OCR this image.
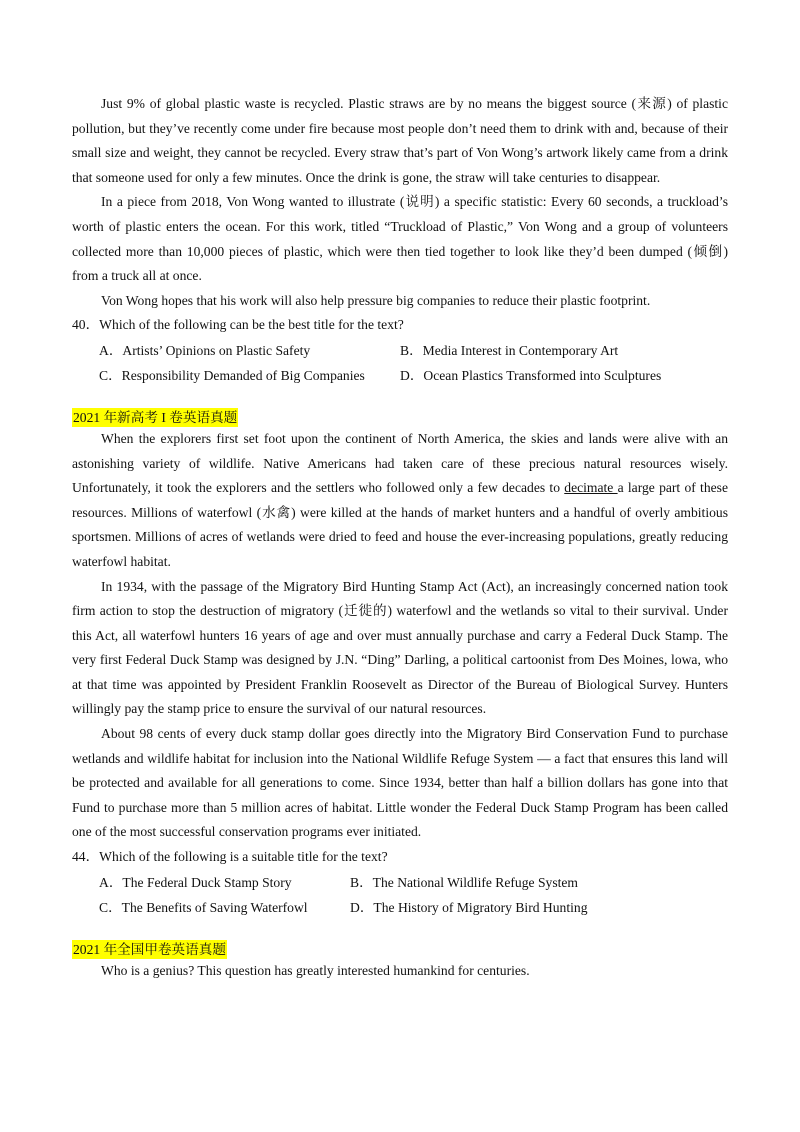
Just 9% of global plastic waste is recycled. Plastic straws are by no means the biggest source (来源) of plastic pollution, but they’ve recently come under fire because most people don’t need them to drink with and, because of their small size and weight, they cannot be recycled. Every straw that’s part of Von Wong’s artwork likely came from a drink that someone used for only a few minutes. Once the drink is gone, the straw will take centuries to disappear.

In a piece from 2018, Von Wong wanted to illustrate (说明) a specific statistic: Every 60 seconds, a truckload’s worth of plastic enters the ocean. For this work, titled “Truckload of Plastic,” Von Wong and a group of volunteers collected more than 10,000 pieces of plastic, which were then tied together to look like they’d been dumped (倾倒) from a truck all at once.

Von Wong hopes that his work will also help pressure big companies to reduce their plastic footprint.

40．Which of the following can be the best title for the text?

A．Artists’ Opinions on Plastic Safety	B．Media Interest in Contemporary Art
C．Responsibility Demanded of Big Companies	D．Ocean Plastics Transformed into Sculptures
2021 年新高考 I 卷英语真题

When the explorers first set foot upon the continent of North America, the skies and lands were alive with an astonishing variety of wildlife. Native Americans had taken care of these precious natural resources wisely. Unfortunately, it took the explorers and the settlers who followed only a few decades to decimate a large part of these resources. Millions of waterfowl (水禽) were killed at the hands of market hunters and a handful of overly ambitious sportsmen. Millions of acres of wetlands were dried to feed and house the ever-increasing populations, greatly reducing waterfowl habitat.

In 1934, with the passage of the Migratory Bird Hunting Stamp Act (Act), an increasingly concerned nation took firm action to stop the destruction of migratory (迁徙的) waterfowl and the wetlands so vital to their survival. Under this Act, all waterfowl hunters 16 years of age and over must annually purchase and carry a Federal Duck Stamp. The very first Federal Duck Stamp was designed by J.N. “Ding” Darling, a political cartoonist from Des Moines, lowa, who at that time was appointed by President Franklin Roosevelt as Director of the Bureau of Biological Survey. Hunters willingly pay the stamp price to ensure the survival of our natural resources.

About 98 cents of every duck stamp dollar goes directly into the Migratory Bird Conservation Fund to purchase wetlands and wildlife habitat for inclusion into the National Wildlife Refuge System — a fact that ensures this land will be protected and available for all generations to come. Since 1934, better than half a billion dollars has gone into that Fund to purchase more than 5 million acres of habitat. Little wonder the Federal Duck Stamp Program has been called one of the most successful conservation programs ever initiated.

44．Which of the following is a suitable title for the text?

A．The Federal Duck Stamp Story	B．The National Wildlife Refuge System
C．The Benefits of Saving Waterfowl	D．The History of Migratory Bird Hunting
2021 年全国甲卷英语真题

Who is a genius? This question has greatly interested humankind for centuries.
